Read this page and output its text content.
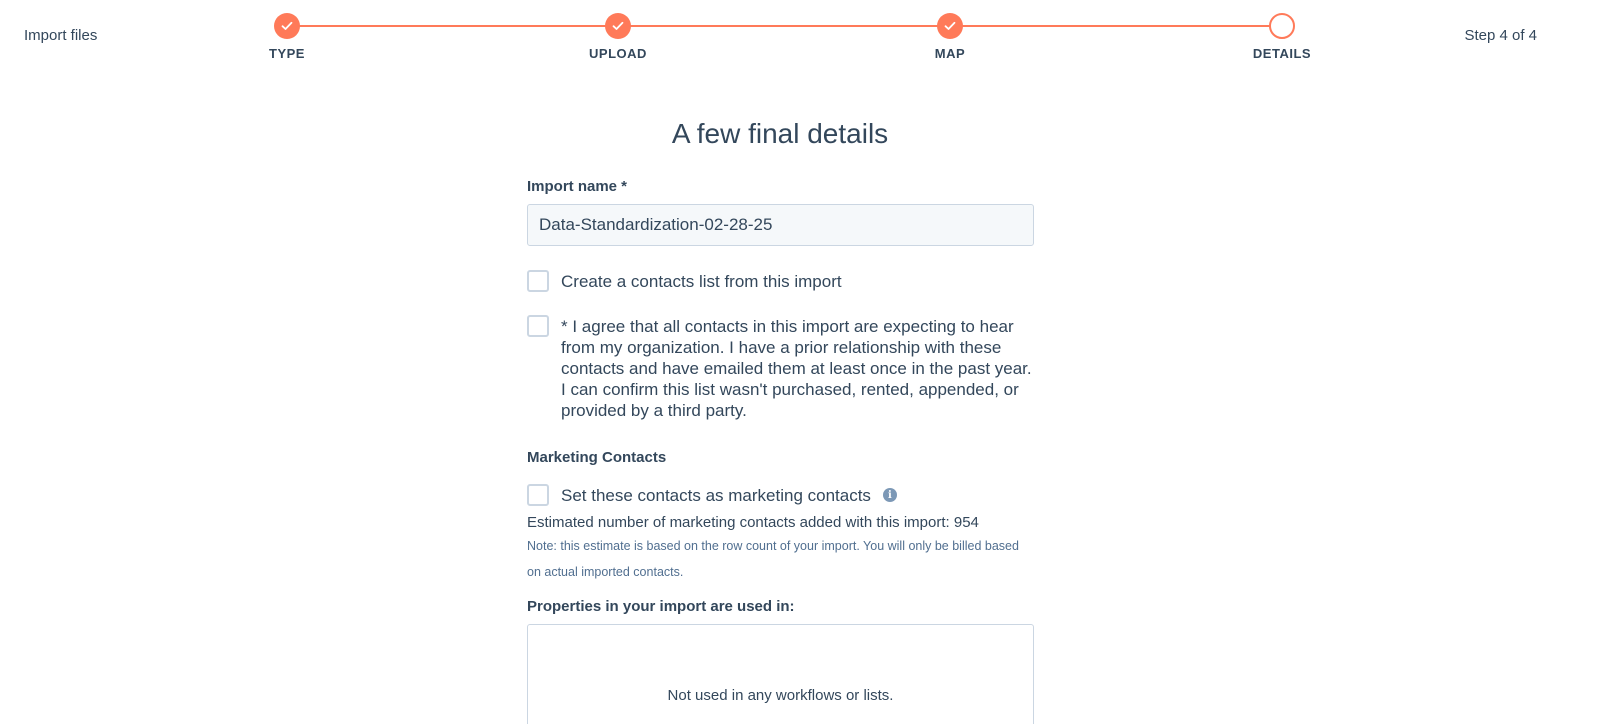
Import files	Step 4 of 4
TYPE	UPLOAD	MAP	DETAILS
A few final details
Import name *
Data-Standardization-02-28-25
Create a contacts list from this import
* I agree that all contacts in this import are expecting to hear from my organization. I have a prior relationship with these contacts and have emailed them at least once in the past year. I can confirm this list wasn't purchased, rented, appended, or provided by a third party.
Marketing Contacts
Set these contacts as marketing contacts	i
Estimated number of marketing contacts added with this import: 954
Note: this estimate is based on the row count of your import. You will only be billed based on actual imported contacts.
Properties in your import are used in:
Not used in any workflows or lists.
